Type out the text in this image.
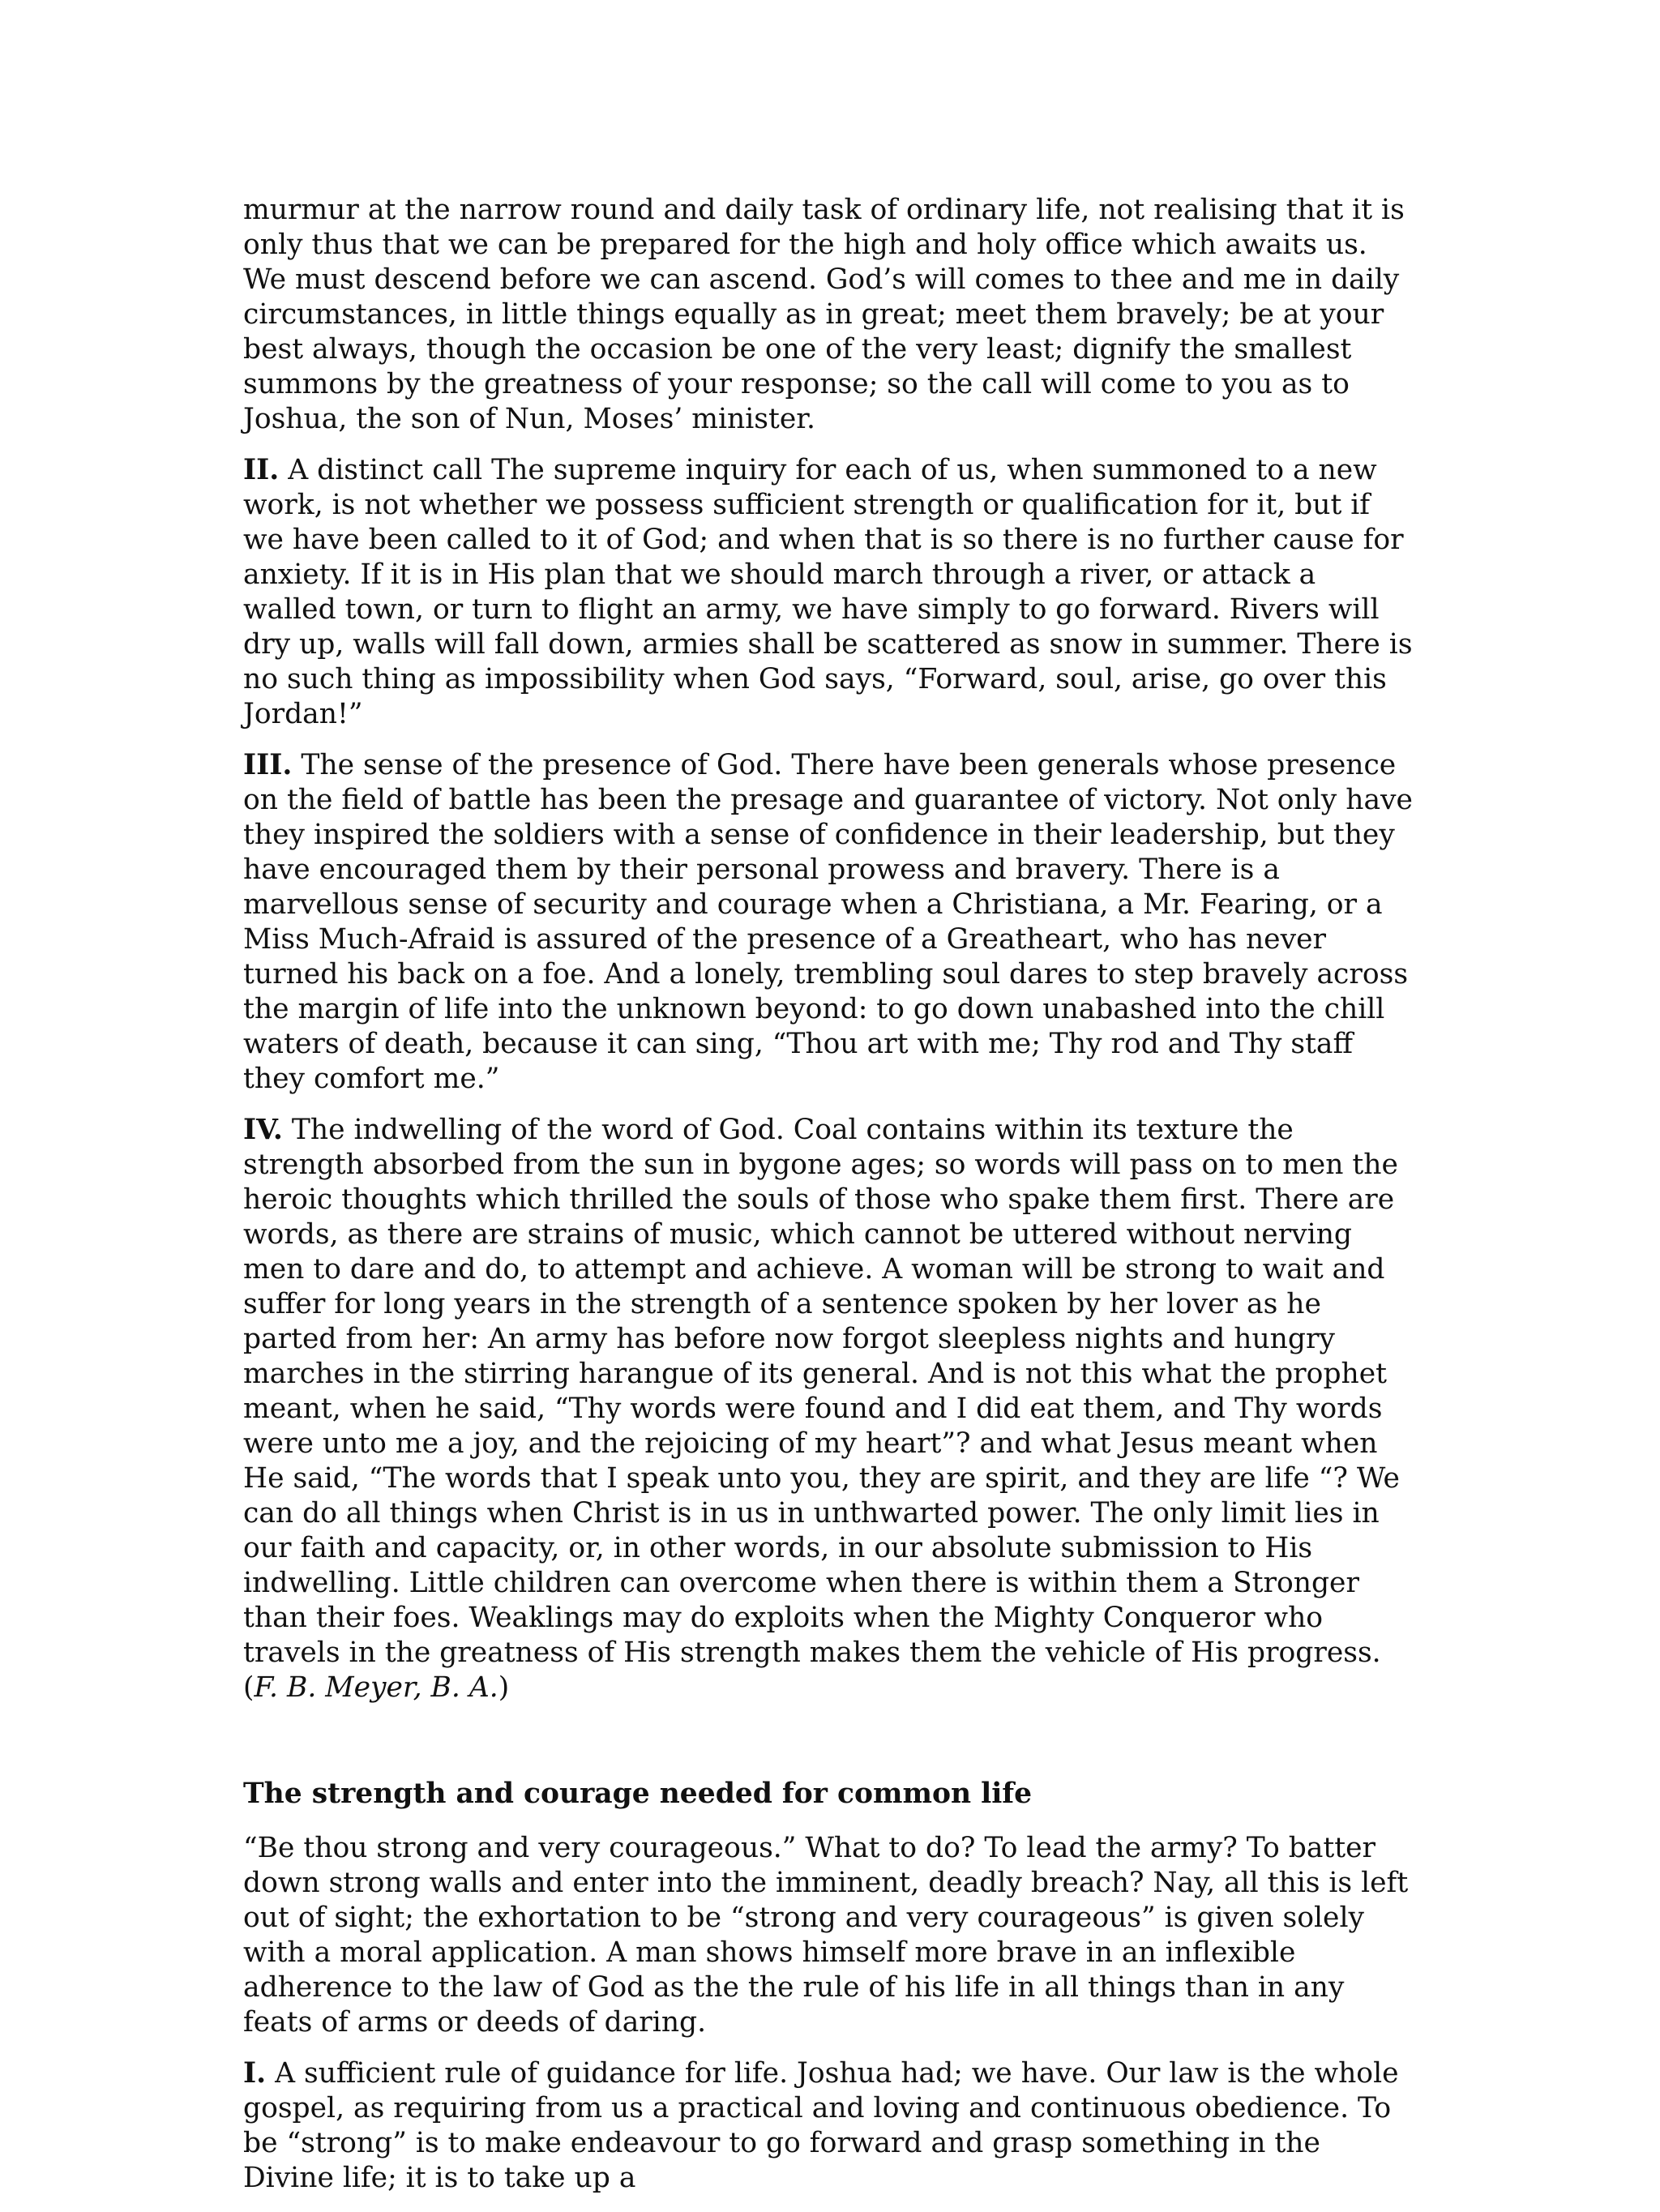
murmur at the narrow round and daily task of ordinary life, not realising that it is only thus that we can be prepared for the high and holy office which awaits us. We must descend before we can ascend. God’s will comes to thee and me in daily circumstances, in little things equally as in great; meet them bravely; be at your best always, though the occasion be one of the very least; dignify the smallest summons by the greatness of your response; so the call will come to you as to Joshua, the son of Nun, Moses’ minister.

II. A distinct call The supreme inquiry for each of us, when summoned to a new work, is not whether we possess sufficient strength or qualification for it, but if we have been called to it of God; and when that is so there is no further cause for anxiety. If it is in His plan that we should march through a river, or attack a walled town, or turn to flight an army, we have simply to go forward. Rivers will dry up, walls will fall down, armies shall be scattered as snow in summer. There is no such thing as impossibility when God says, “Forward, soul, arise, go over this Jordan!”

III. The sense of the presence of God. There have been generals whose presence on the field of battle has been the presage and guarantee of victory. Not only have they inspired the soldiers with a sense of confidence in their leadership, but they have encouraged them by their personal prowess and bravery. There is a marvellous sense of security and courage when a Christiana, a Mr. Fearing, or a Miss Much-Afraid is assured of the presence of a Greatheart, who has never turned his back on a foe. And a lonely, trembling soul dares to step bravely across the margin of life into the unknown beyond: to go down unabashed into the chill waters of death, because it can sing, “Thou art with me; Thy rod and Thy staff they comfort me.”

IV. The indwelling of the word of God. Coal contains within its texture the strength absorbed from the sun in bygone ages; so words will pass on to men the heroic thoughts which thrilled the souls of those who spake them first. There are words, as there are strains of music, which cannot be uttered without nerving men to dare and do, to attempt and achieve. A woman will be strong to wait and suffer for long years in the strength of a sentence spoken by her lover as he parted from her: An army has before now forgot sleepless nights and hungry marches in the stirring harangue of its general. And is not this what the prophet meant, when he said, “Thy words were found and I did eat them, and Thy words were unto me a joy, and the rejoicing of my heart”? and what Jesus meant when He said, “The words that I speak unto you, they are spirit, and they are life “? We can do all things when Christ is in us in unthwarted power. The only limit lies in our faith and capacity, or, in other words, in our absolute submission to His indwelling. Little children can overcome when there is within them a Stronger than their foes. Weaklings may do exploits when the Mighty Conqueror who travels in the greatness of His strength makes them the vehicle of His progress. (F. B. Meyer, B. A.)

The strength and courage needed for common life

“Be thou strong and very courageous.” What to do? To lead the army? To batter down strong walls and enter into the imminent, deadly breach? Nay, all this is left out of sight; the exhortation to be “strong and very courageous” is given solely with a moral application. A man shows himself more brave in an inflexible adherence to the law of God as the the rule of his life in all things than in any feats of arms or deeds of daring.

I. A sufficient rule of guidance for life. Joshua had; we have. Our law is the whole gospel, as requiring from us a practical and loving and continuous obedience. To be “strong” is to make endeavour to go forward and grasp something in the Divine life; it is to take up a
